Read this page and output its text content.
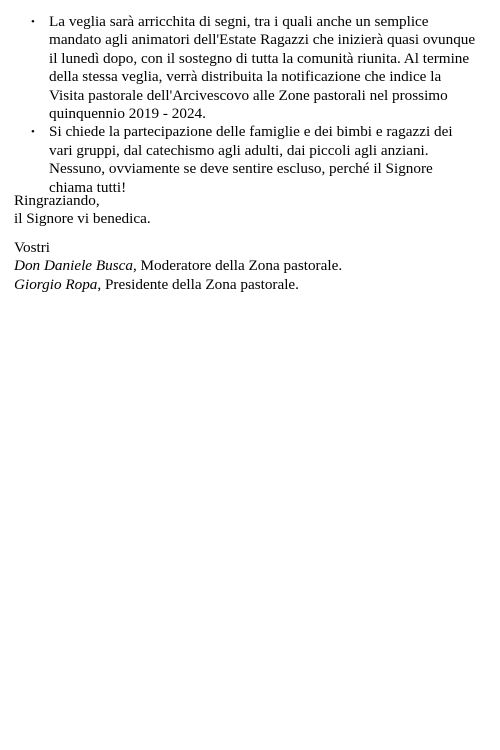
• La veglia sarà arricchita di segni, tra i quali anche un semplice mandato agli animatori dell'Estate Ragazzi che inizierà quasi ovunque il lunedì dopo, con il sostegno di tutta la comunità riunita. Al termine della stessa veglia, verrà distribuita la notificazione che indice la Visita pastorale dell'Arcivescovo alle Zone pastorali nel prossimo quinquennio 2019 - 2024.
• Si chiede la partecipazione delle famiglie e dei bimbi e ragazzi dei vari gruppi, dal catechismo agli adulti, dai piccoli agli anziani. Nessuno, ovviamente se deve sentire escluso, perché il Signore chiama tutti!
Ringraziando,
il Signore vi benedica.
Vostri
Don Daniele Busca, Moderatore della Zona pastorale.
Giorgio Ropa, Presidente della Zona pastorale.
